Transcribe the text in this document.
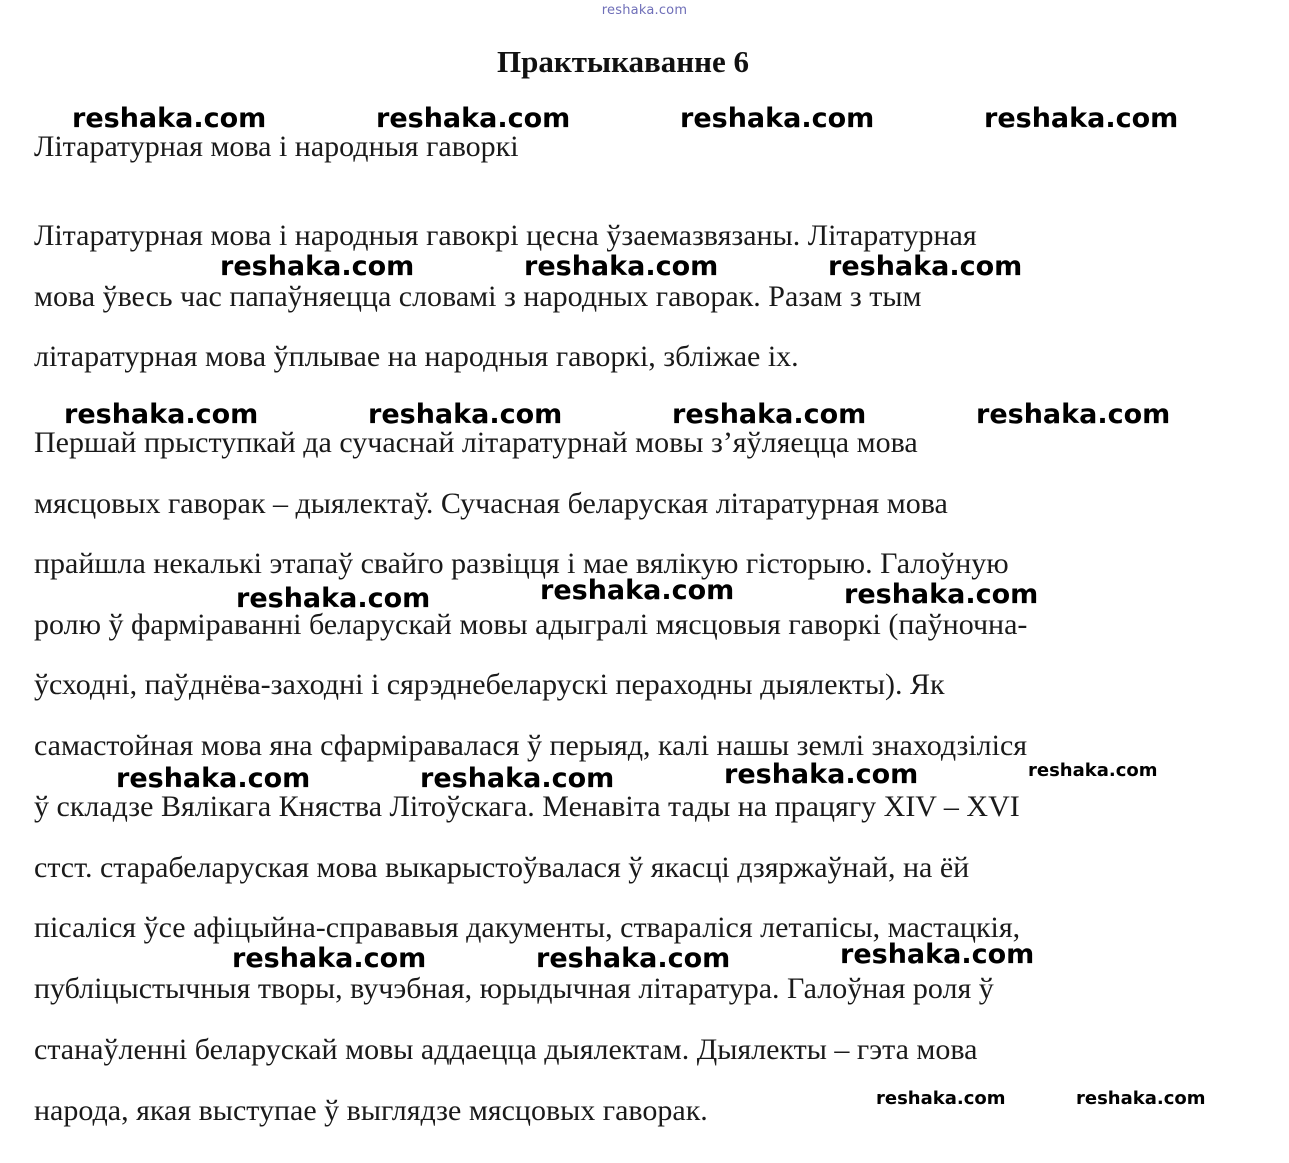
reshaka.com
Практыкаванне 6
Літаратурная мова і народныя гаворкі
Літаратурная мова і народныя гавокрі цесна ўзаемазвязаны. Літаратурная
мова ўвесь час папаўняецца словамі з народных гаворак. Разам з тым
літаратурная мова ўплывае на народныя гаворкі, збліжае іх.
Першай прыступкай да сучаснай літаратурнай мовы з’яўляецца мова
мясцовых гаворак – дыялектаў. Сучасная беларуская літаратурная мова
прайшла некалькі этапаў свайго развіцця і мае вялікую гісторыю. Галоўную
ролю ў фарміраванні беларускай мовы адыгралі мясцовыя гаворкі (паўночна-
ўсходні, паўднёва-заходні і сярэднебеларускі пераходны дыялекты). Як
самастойная мова яна сфарміравалася ў перыяд, калі нашы землі знаходзіліся
ў складзе Вялікага Княства Літоўскага. Менавіта тады на працягу XIV – XVI
стст. старабеларуская мова выкарыстоўвалася ў якасці дзяржаўнай, на ёй
пісаліся ўсе афіцыйна-справавыя дакументы, ствараліся летапісы, мастацкія,
публіцыстычныя творы, вучэбная, юрыдычная літаратура. Галоўная роля ў
станаўленні беларускай мовы аддаецца дыялектам. Дыялекты – гэта мова
народа, якая выступае ў выглядзе мясцовых гаворак.
reshaka.com	reshaka.com	reshaka.com	reshaka.com
reshaka.com	reshaka.com	reshaka.com
reshaka.com	reshaka.com	reshaka.com	reshaka.com
reshaka.com	reshaka.com	reshaka.com
reshaka.com	reshaka.com	reshaka.com	reshaka.com
reshaka.com	reshaka.com	reshaka.com
reshaka.com	reshaka.com
